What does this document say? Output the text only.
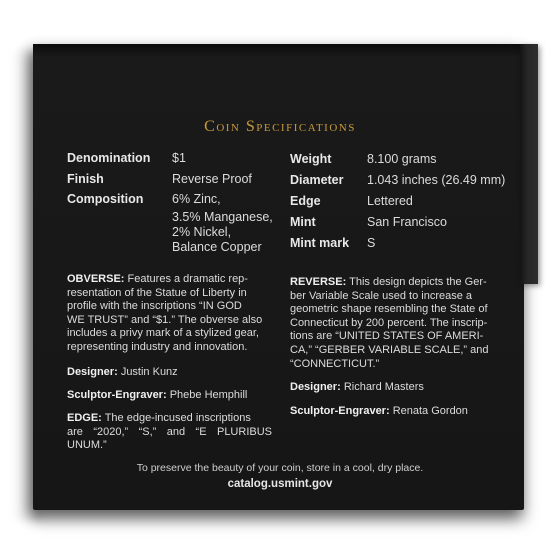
Coin Specifications
Denomination $1
Finish	Reverse Proof
Composition 6% Zinc,
3.5% Manganese,
2% Nickel,
Balance Copper
Weight	8.100 grams
Diameter 1.043 inches (26.49 mm)
Edge	Lettered
Mint	San Francisco
Mint mark S
OBVERSE: Features a dramatic rep-
resentation of the Statue of Liberty in
profile with the inscriptions “IN GOD
WE TRUST” and “$1.” The obverse also
includes a privy mark of a stylized gear,
representing industry and innovation.
Designer: Justin Kunz
Sculptor-Engraver: Phebe Hemphill
EDGE: The edge-incused inscriptions
are “2020,” “S,” and “E PLURIBUS UNUM.”
REVERSE: This design depicts the Ger-
ber Variable Scale used to increase a
geometric shape resembling the State of
Connecticut by 200 percent. The inscrip-
tions are “UNITED STATES OF AMERI-
CA,” “GERBER VARIABLE SCALE,” and
“CONNECTICUT.”
Designer: Richard Masters
Sculptor-Engraver: Renata Gordon
To preserve the beauty of your coin, store in a cool, dry place.
catalog.usmint.gov
